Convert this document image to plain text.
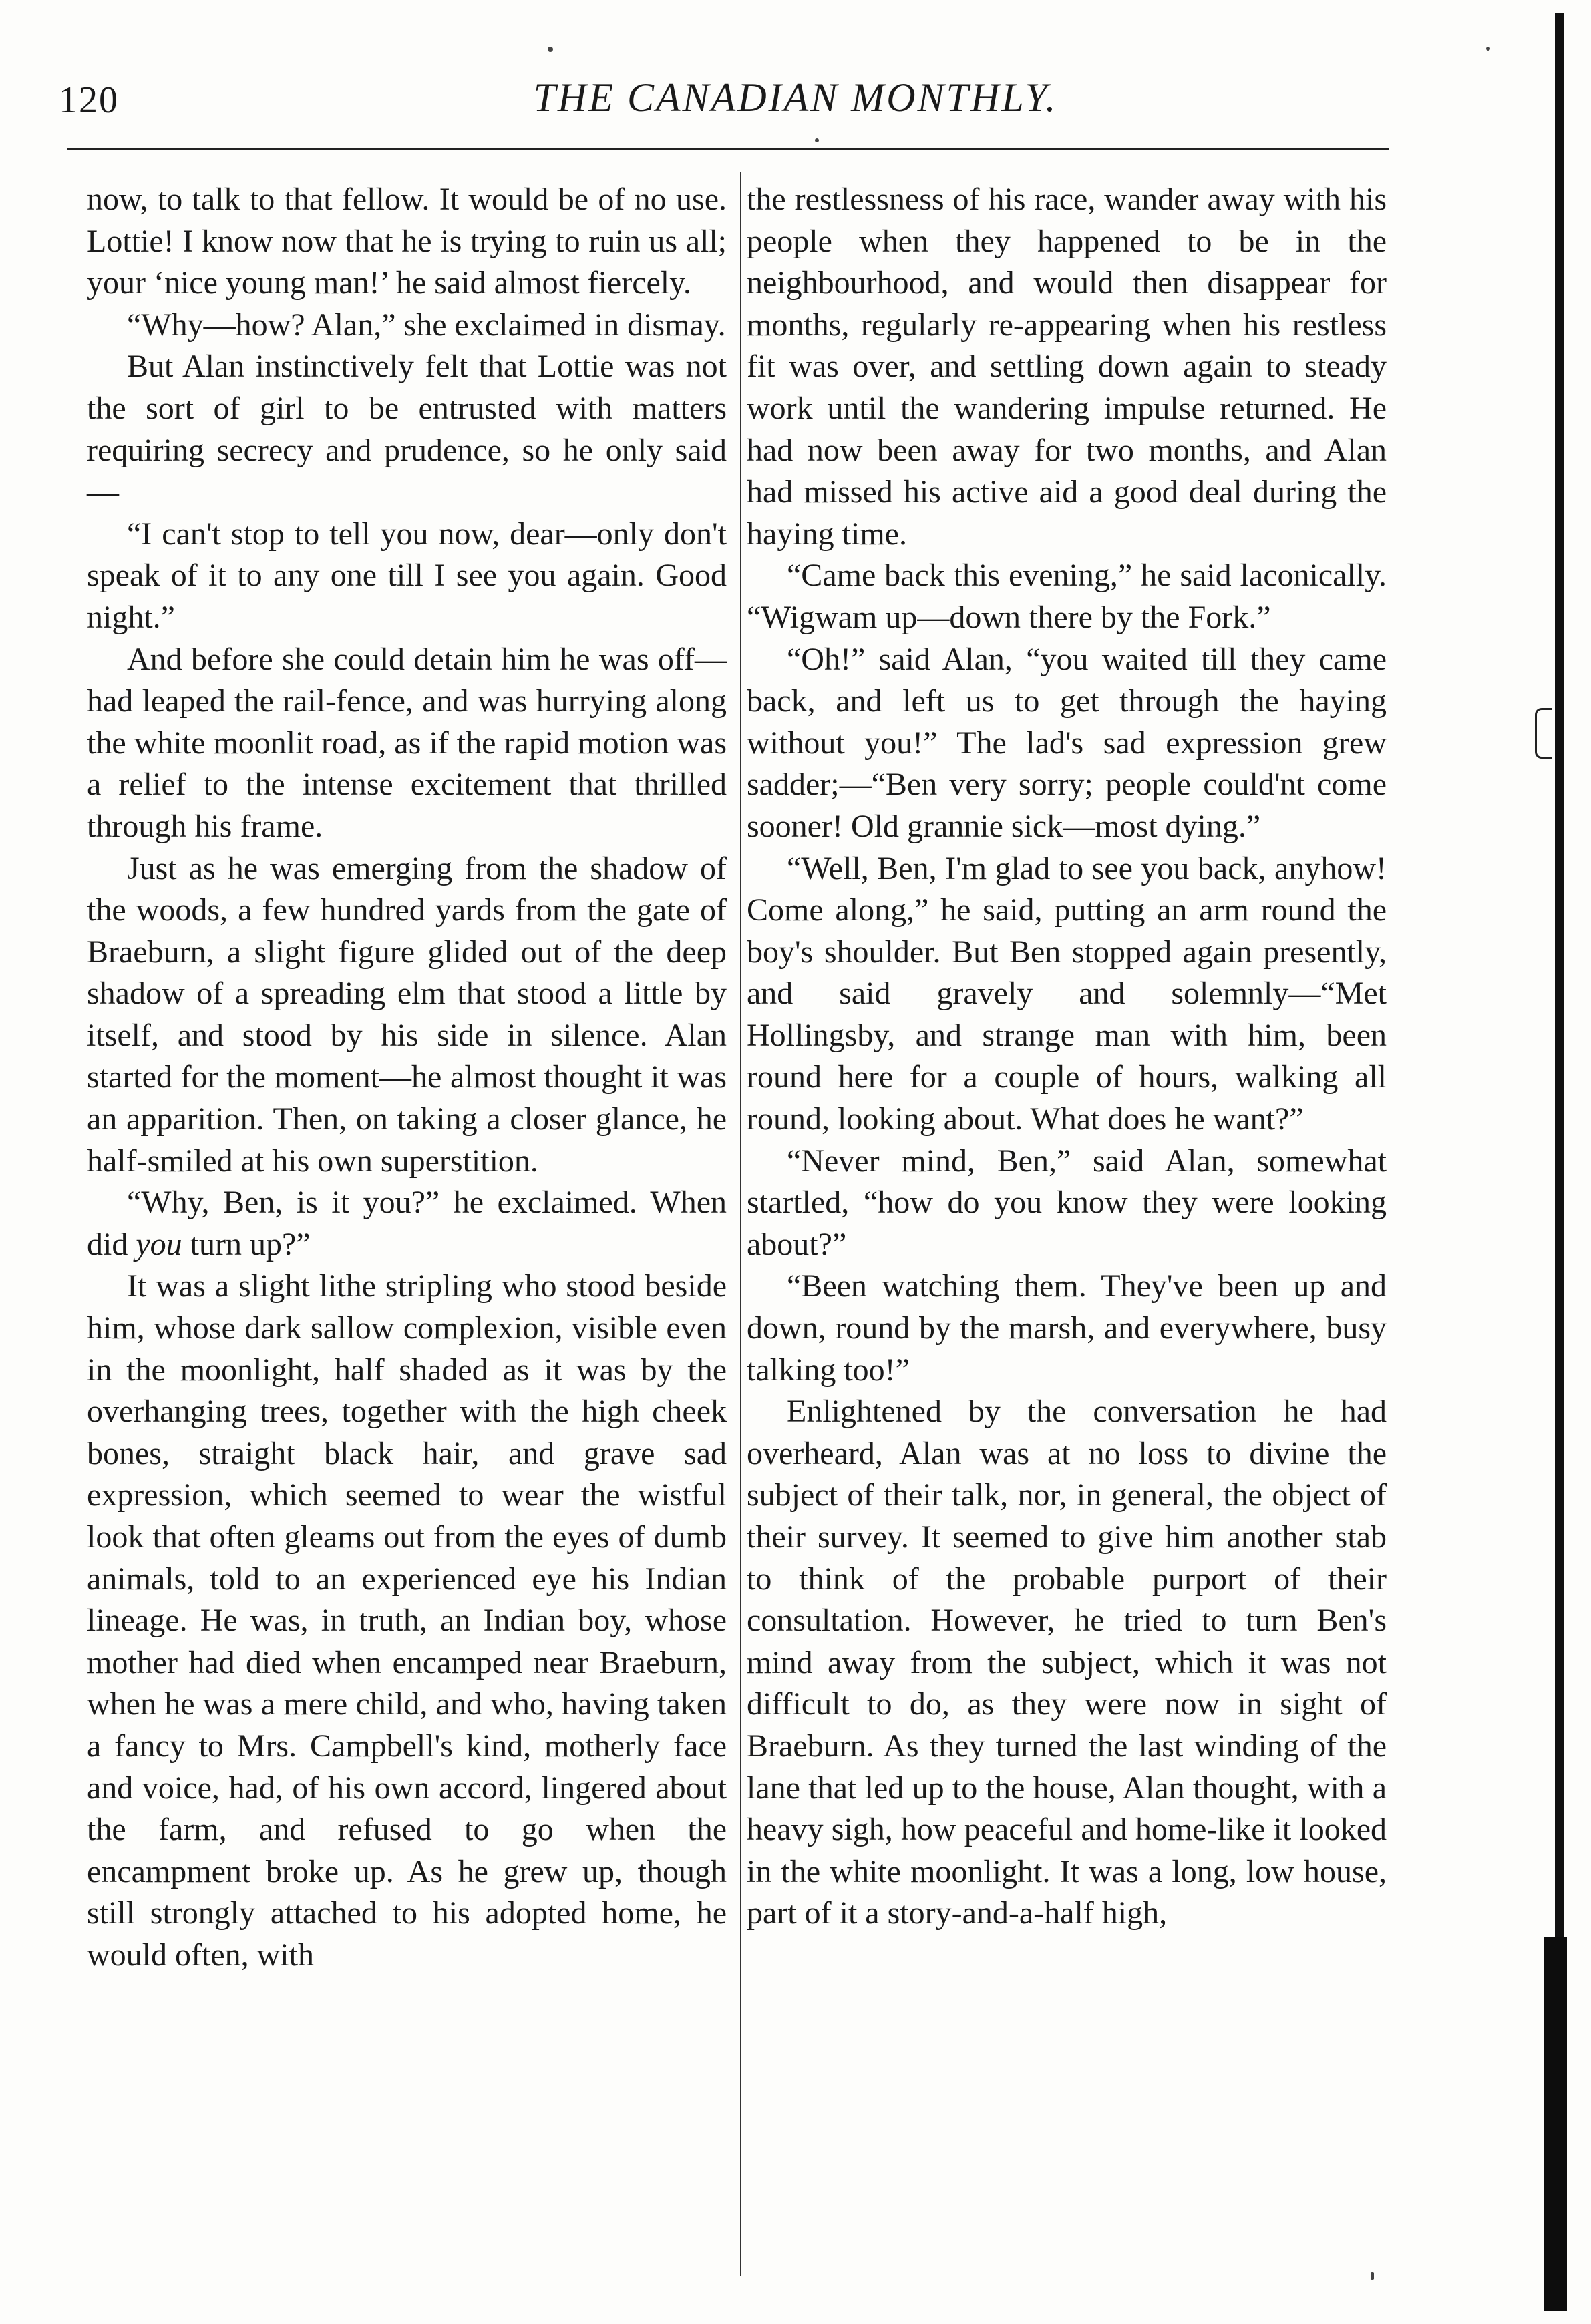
120	THE CANADIAN MONTHLY.

now, to talk to that fellow. It would be of no use. Lottie! I know now that he is trying to ruin us all; your ‘nice young man!’ he said almost fiercely.

“Why—how? Alan,” she exclaimed in dismay.

But Alan instinctively felt that Lottie was not the sort of girl to be entrusted with matters requiring secrecy and prudence, so he only said—

“I can't stop to tell you now, dear—only don't speak of it to any one till I see you again. Good night.”

And before she could detain him he was off—had leaped the rail-fence, and was hurrying along the white moonlit road, as if the rapid motion was a relief to the intense excitement that thrilled through his frame.

Just as he was emerging from the shadow of the woods, a few hundred yards from the gate of Braeburn, a slight figure glided out of the deep shadow of a spreading elm that stood a little by itself, and stood by his side in silence. Alan started for the moment—he almost thought it was an apparition. Then, on taking a closer glance, he half-smiled at his own superstition.

“Why, Ben, is it you?” he exclaimed. When did you turn up?”

It was a slight lithe stripling who stood beside him, whose dark sallow complexion, visible even in the moonlight, half shaded as it was by the overhanging trees, together with the high cheek bones, straight black hair, and grave sad expression, which seemed to wear the wistful look that often gleams out from the eyes of dumb animals, told to an experienced eye his Indian lineage. He was, in truth, an Indian boy, whose mother had died when encamped near Braeburn, when he was a mere child, and who, having taken a fancy to Mrs. Campbell's kind, motherly face and voice, had, of his own accord, lingered about the farm, and refused to go when the encampment broke up. As he grew up, though still strongly attached to his adopted home, he would often, with

the restlessness of his race, wander away with his people when they happened to be in the neighbourhood, and would then disappear for months, regularly re-appearing when his restless fit was over, and settling down again to steady work until the wandering impulse returned. He had now been away for two months, and Alan had missed his active aid a good deal during the haying time.

“Came back this evening,” he said laconically. “Wigwam up—down there by the Fork.”

“Oh!” said Alan, “you waited till they came back, and left us to get through the haying without you!” The lad's sad expression grew sadder;—“Ben very sorry; people could'nt come sooner! Old grannie sick—most dying.”

“Well, Ben, I'm glad to see you back, anyhow! Come along,” he said, putting an arm round the boy's shoulder. But Ben stopped again presently, and said gravely and solemnly—“Met Hollingsby, and strange man with him, been round here for a couple of hours, walking all round, looking about. What does he want?”

“Never mind, Ben,” said Alan, somewhat startled, “how do you know they were looking about?”

“Been watching them. They've been up and down, round by the marsh, and everywhere, busy talking too!”

Enlightened by the conversation he had overheard, Alan was at no loss to divine the subject of their talk, nor, in general, the object of their survey. It seemed to give him another stab to think of the probable purport of their consultation. However, he tried to turn Ben's mind away from the subject, which it was not difficult to do, as they were now in sight of Braeburn. As they turned the last winding of the lane that led up to the house, Alan thought, with a heavy sigh, how peaceful and home-like it looked in the white moonlight. It was a long, low house, part of it a story-and-a-half high,
